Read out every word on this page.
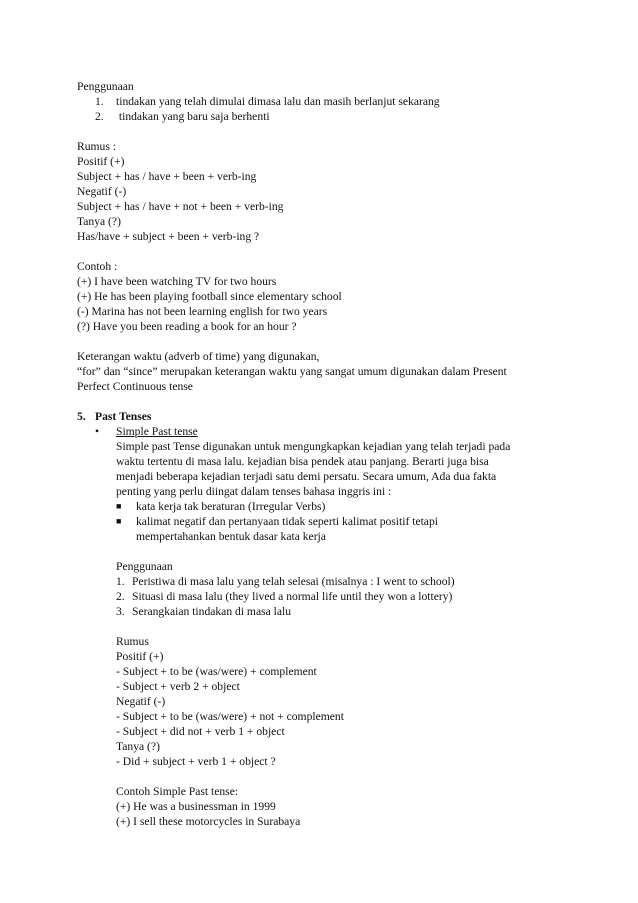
Penggunaan
1. tindakan yang telah dimulai dimasa lalu dan masih berlanjut sekarang
2. tindakan yang baru saja berhenti
Rumus :
Positif (+)
Subject + has / have + been + verb-ing
Negatif (-)
Subject + has / have + not + been + verb-ing
Tanya (?)
Has/have + subject + been + verb-ing ?
Contoh :
(+) I have been watching TV for two hours
(+) He has been playing football since elementary school
(-) Marina has not been learning english for two years
(?) Have you been reading a book for an hour ?
Keterangan waktu (adverb of time) yang digunakan,
“for” dan “since” merupakan keterangan waktu yang sangat umum digunakan dalam Present
Perfect Continuous tense
5. Past Tenses
• Simple Past tense
Simple past Tense digunakan untuk mengungkapkan kejadian yang telah terjadi pada
waktu tertentu di masa lalu. kejadian bisa pendek atau panjang. Berarti juga bisa
menjadi beberapa kejadian terjadi satu demi persatu. Secara umum, Ada dua fakta
penting yang perlu diingat dalam tenses bahasa inggris ini :
■ kata kerja tak beraturan (Irregular Verbs)
■ kalimat negatif dan pertanyaan tidak seperti kalimat positif tetapi
mempertahankan bentuk dasar kata kerja
Penggunaan
1. Peristiwa di masa lalu yang telah selesai (misalnya : I went to school)
2. Situasi di masa lalu (they lived a normal life until they won a lottery)
3. Serangkaian tindakan di masa lalu
Rumus
Positif (+)
- Subject + to be (was/were) + complement
- Subject + verb 2 + object
Negatif (-)
- Subject + to be (was/were) + not + complement
- Subject + did not + verb 1 + object
Tanya (?)
- Did + subject + verb 1 + object ?
Contoh Simple Past tense:
(+) He was a businessman in 1999
(+) I sell these motorcycles in Surabaya
